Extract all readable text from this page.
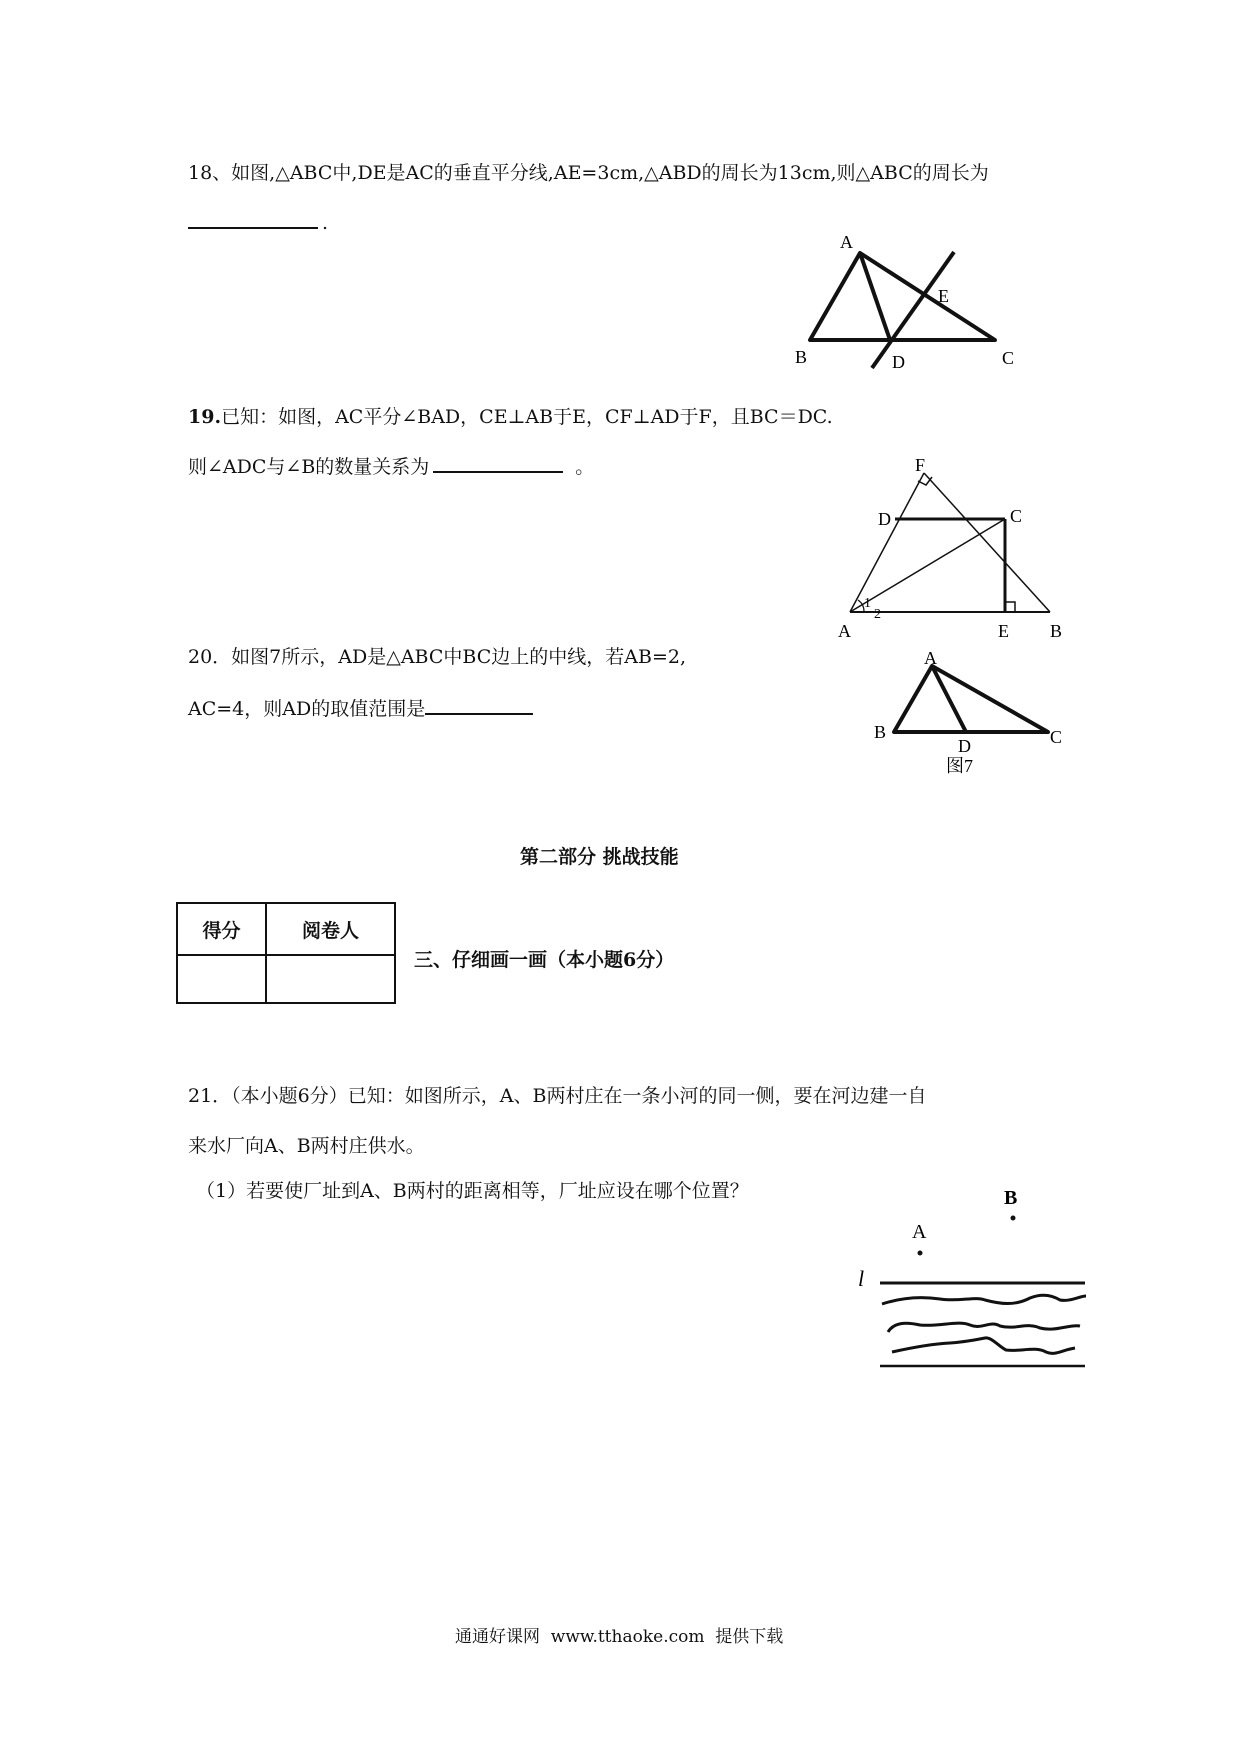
18、如图,△ABC中,DE是AC的垂直平分线,AE=3cm,△ABD的周长为13cm,则△ABC的周长为
.
A
B	C
D
E
19.已知：如图，AC平分∠BAD，CE⊥AB于E，CF⊥AD于F，且BC＝DC.
则∠ADC与∠B的数量关系为	。	F
D	C
A	E B
1
2
20．如图7所示，AD是△ABC中BC边上的中线，若AB=2,
AC=4，则AD的取值范围是
A
B	C
D
图7
第二部分 挑战技能
得分	阅卷人

三、仔细画一画（本小题6分）
21．（本小题6分）已知：如图所示，A、B两村庄在一条小河的同一侧，要在河边建一自
来水厂向A、B两村庄供水。
（1）若要使厂址到A、B两村的距离相等，厂址应设在哪个位置？	B
A
l
通通好课网  www.tthaoke.com  提供下载
